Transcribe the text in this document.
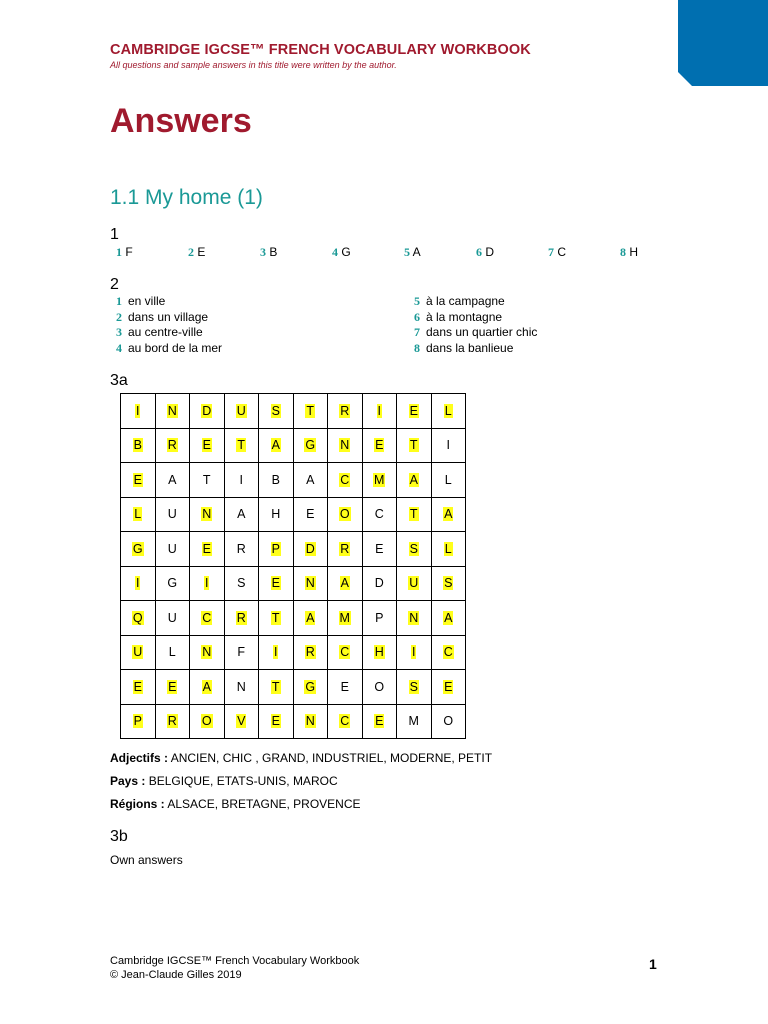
CAMBRIDGE IGCSE™ FRENCH VOCABULARY WORKBOOK
All questions and sample answers in this title were written by the author.
Answers
1.1 My home (1)
1
1 F	2 E	3 B	4 G	5 A	6 D	7 C	8 H
2
1 en ville
2 dans un village
3 au centre-ville
4 au bord de la mer
5 à la campagne
6 à la montagne
7 dans un quartier chic
8 dans la banlieue
3a
I	N	D	U	S	T	R	I	E	L
B	R	E	T	A	G	N	E	T	I
E	A	T	I	B	A	C	M	A	L
L	U	N	A	H	E	O	C	T	A
G	U	E	R	P	D	R	E	S	L
I	G	I	S	E	N	A	D	U	S
Q	U	C	R	T	A	M	P	N	A
U	L	N	F	I	R	C	H	I	C
E	E	A	N	T	G	E	O	S	E
P	R	O	V	E	N	C	E	M	O
Adjectifs : ANCIEN, CHIC , GRAND, INDUSTRIEL, MODERNE, PETIT
Pays : BELGIQUE, ETATS-UNIS, MAROC
Régions : ALSACE, BRETAGNE, PROVENCE
3b
Own answers
Cambridge IGCSE™ French Vocabulary Workbook
© Jean-Claude Gilles 2019
1
